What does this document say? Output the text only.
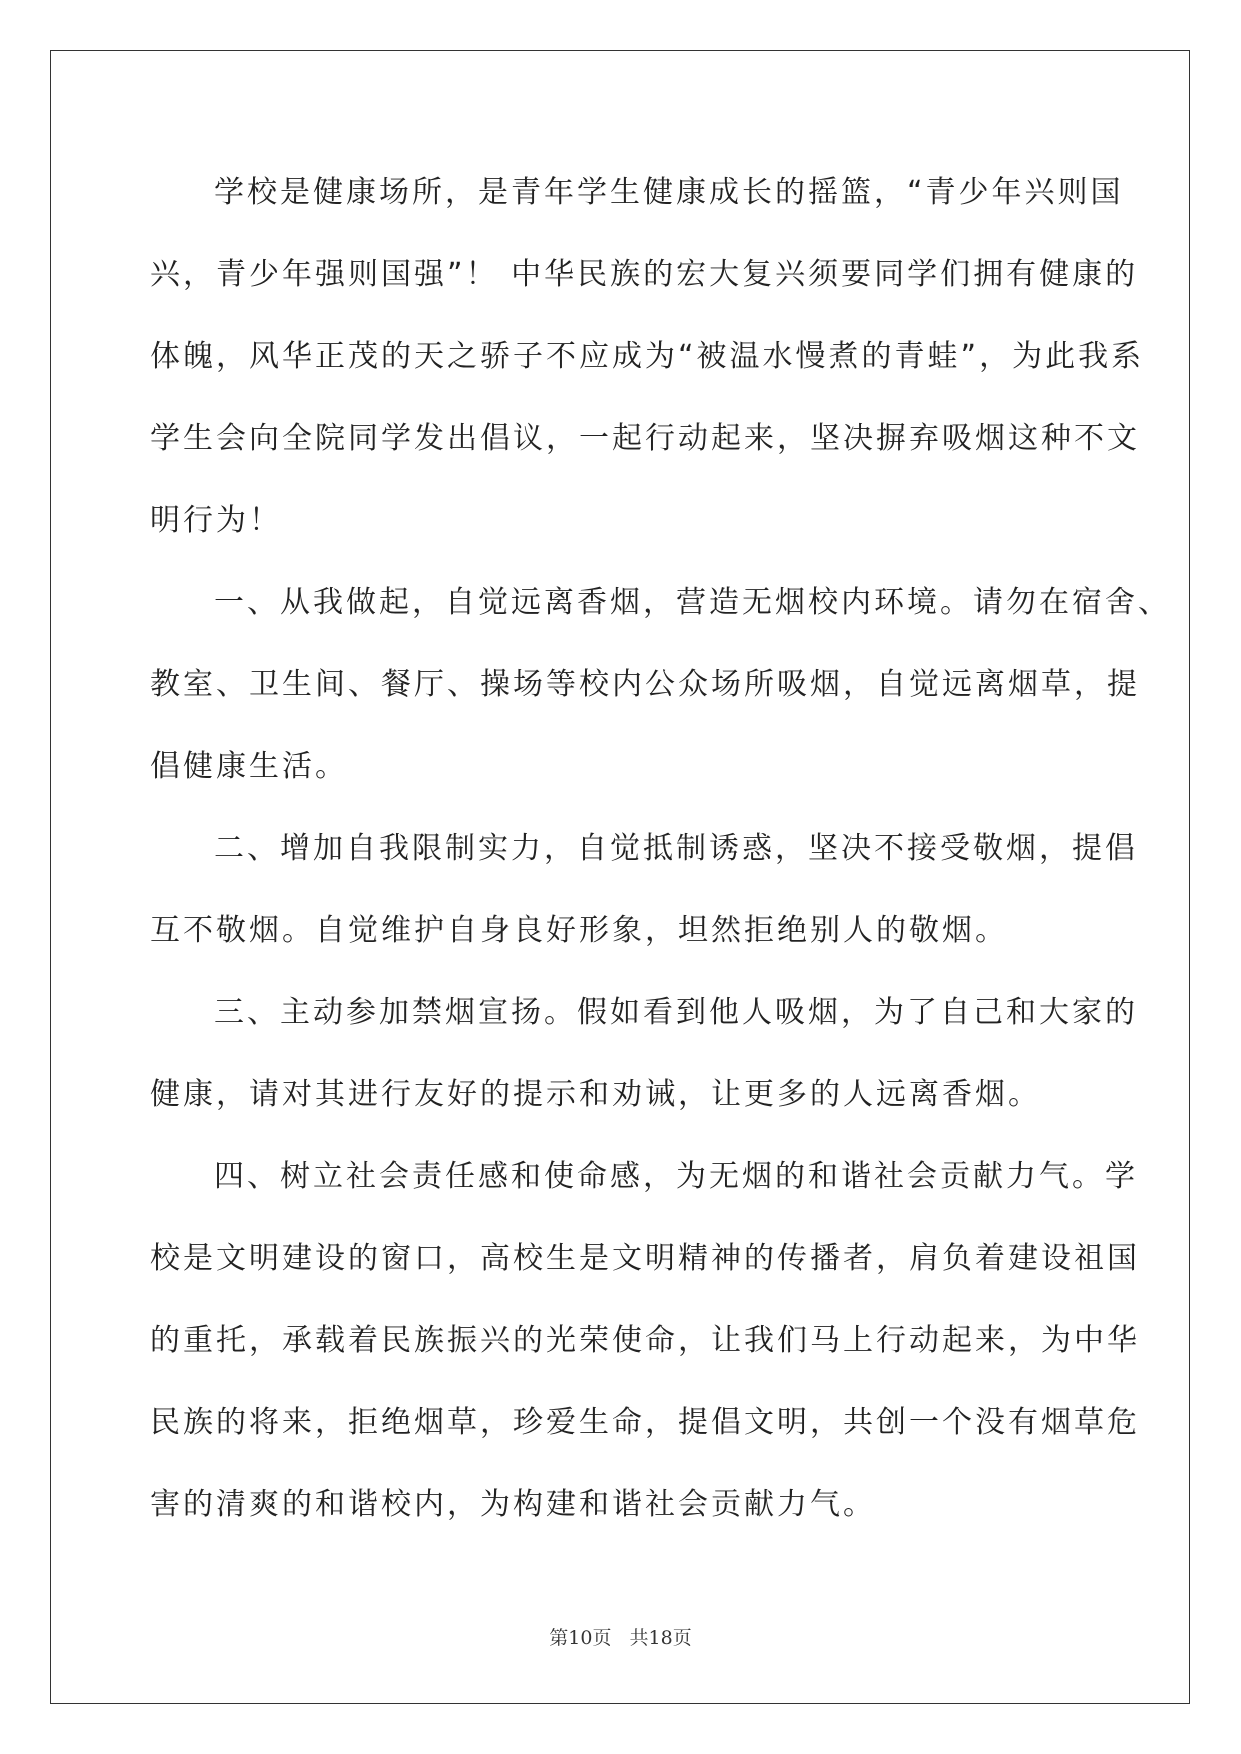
学校是健康场所，是青年学生健康成长的摇篮，“青少年兴则国
兴，青少年强则国强”！ 中华民族的宏大复兴须要同学们拥有健康的
体魄，风华正茂的天之骄子不应成为“被温水慢煮的青蛙”，为此我系
学生会向全院同学发出倡议，一起行动起来，坚决摒弃吸烟这种不文
明行为！
一、从我做起，自觉远离香烟，营造无烟校内环境。请勿在宿舍、
教室、卫生间、餐厅、操场等校内公众场所吸烟，自觉远离烟草，提
倡健康生活。
二、增加自我限制实力，自觉抵制诱惑，坚决不接受敬烟，提倡
互不敬烟。自觉维护自身良好形象，坦然拒绝别人的敬烟。
三、主动参加禁烟宣扬。假如看到他人吸烟，为了自己和大家的
健康，请对其进行友好的提示和劝诫，让更多的人远离香烟。
四、树立社会责任感和使命感，为无烟的和谐社会贡献力气。学
校是文明建设的窗口，高校生是文明精神的传播者，肩负着建设祖国
的重托，承载着民族振兴的光荣使命，让我们马上行动起来，为中华
民族的将来，拒绝烟草，珍爱生命，提倡文明，共创一个没有烟草危
害的清爽的和谐校内，为构建和谐社会贡献力气。
第10页 共18页
